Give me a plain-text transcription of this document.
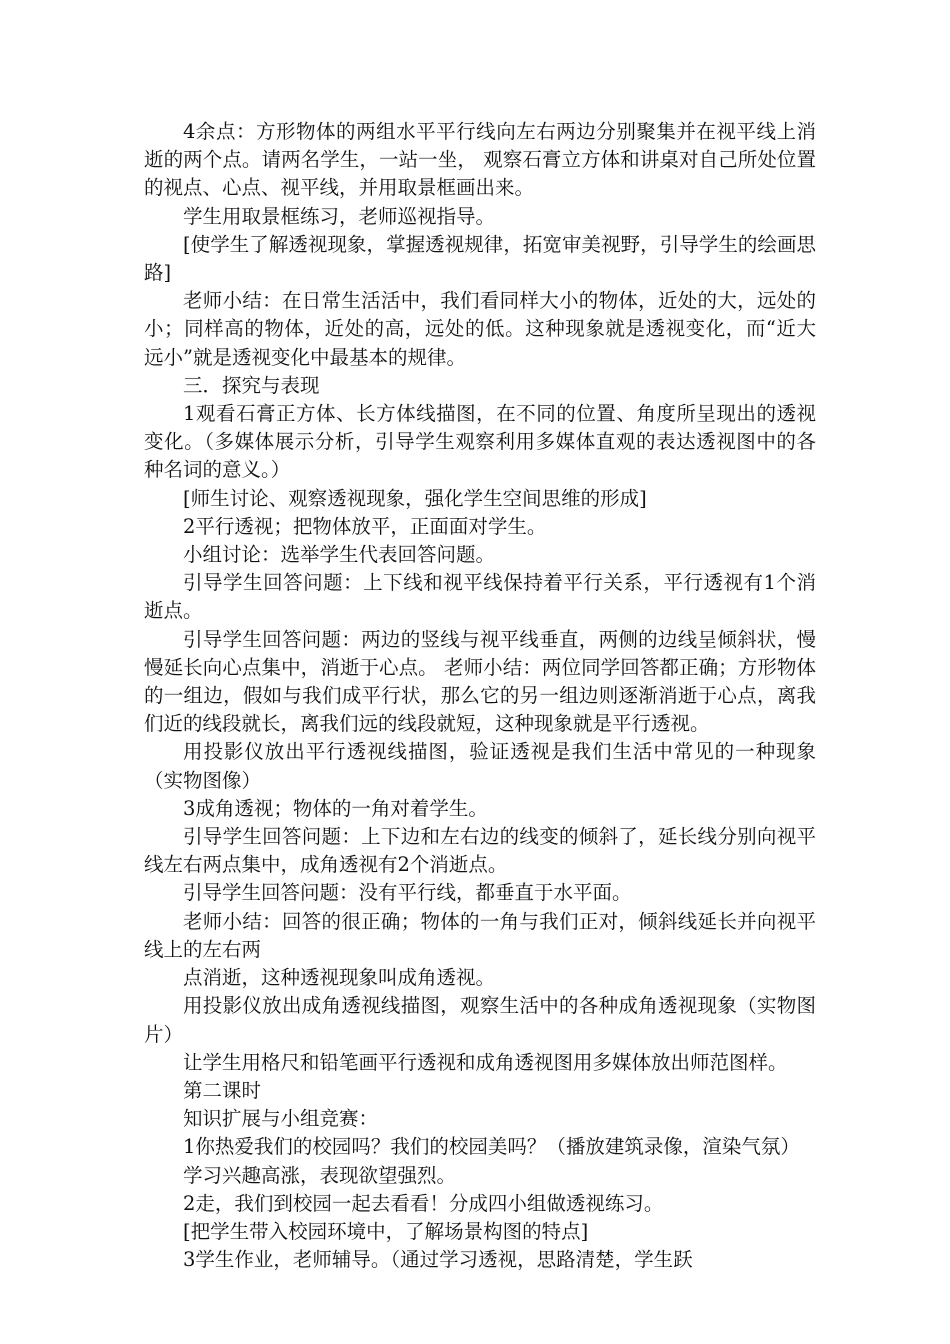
4余点：方形物体的两组水平平行线向左右两边分别聚集并在视平线上消逝的两个点。请两名学生，一站一坐， 观察石膏立方体和讲桌对自己所处位置的视点、心点、视平线，并用取景框画出来。

学生用取景框练习，老师巡视指导。

[使学生了解透视现象，掌握透视规律，拓宽审美视野，引导学生的绘画思路]

老师小结：在日常生活活中，我们看同样大小的物体，近处的大，远处的小；同样高的物体，近处的高，远处的低。这种现象就是透视变化，而“近大远小”就是透视变化中最基本的规律。

三．探究与表现

1观看石膏正方体、长方体线描图，在不同的位置、角度所呈现出的透视变化。（多媒体展示分析，引导学生观察利用多媒体直观的表达透视图中的各种名词的意义。）

[师生讨论、观察透视现象，强化学生空间思维的形成]

2平行透视；把物体放平，正面面对学生。

小组讨论：选举学生代表回答问题。

引导学生回答问题：上下线和视平线保持着平行关系，平行透视有1个消逝点。

引导学生回答问题：两边的竖线与视平线垂直，两侧的边线呈倾斜状，慢慢延长向心点集中，消逝于心点。 老师小结：两位同学回答都正确；方形物体的一组边，假如与我们成平行状，那么它的另一组边则逐渐消逝于心点，离我们近的线段就长，离我们远的线段就短，这种现象就是平行透视。

用投影仪放出平行透视线描图，验证透视是我们生活中常见的一种现象（实物图像）

3成角透视；物体的一角对着学生。

引导学生回答问题：上下边和左右边的线变的倾斜了，延长线分别向视平线左右两点集中，成角透视有2个消逝点。

引导学生回答问题：没有平行线，都垂直于水平面。

老师小结：回答的很正确；物体的一角与我们正对，倾斜线延长并向视平线上的左右两

点消逝，这种透视现象叫成角透视。

用投影仪放出成角透视线描图，观察生活中的各种成角透视现象（实物图片）

让学生用格尺和铅笔画平行透视和成角透视图用多媒体放出师范图样。

第二课时

知识扩展与小组竞赛：

1你热爱我们的校园吗？我们的校园美吗？（播放建筑录像，渲染气氛）

学习兴趣高涨，表现欲望强烈。

2走，我们到校园一起去看看！分成四小组做透视练习。

[把学生带入校园环境中，了解场景构图的特点]

3学生作业，老师辅导。（通过学习透视，思路清楚，学生跃
